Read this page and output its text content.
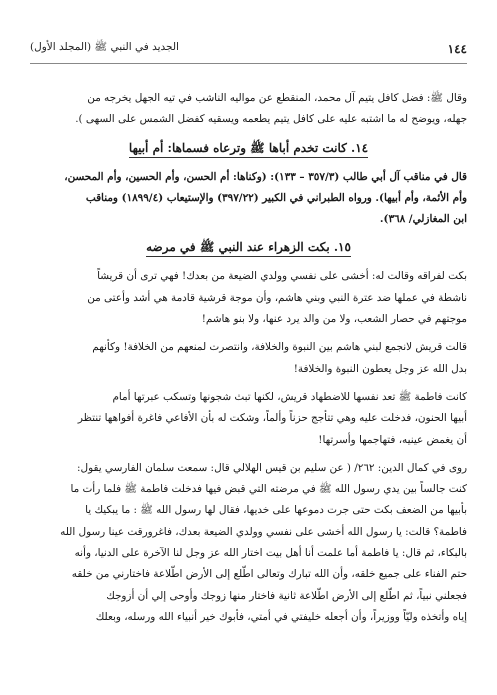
١٤٤
الجديد في النبي ﷺ (المجلد الأول)

وقال ﷺ: فضل كافل يتيم آل محمد، المنقطع عن مواليه الناشب في تيه الجهل يخرجه من

جهله، ويوضح له ما اشتبه عليه على كافل يتيم يطعمه ويسقيه كفضل الشمس على السهى ).

١٤. كانت تخدم أباها ﷺ وترعاه فسماها: أم أبيها

قال في مناقب آل أبي طالب (٣٥٧/٣ – ١٣٣): (وكناها: أم الحسن، وأم الحسين، وأم المحسن،

وأم الأئمة، وأم أبيها). ورواه الطبراني في الكبير (٣٩٧/٢٢) والإستيعاب (١٨٩٩/٤) ومناقب

ابن المغازلي/ ٣٦٨).

١٥. بكت الزهراء عند النبي ﷺ في مرضه

بكت لفراقه وقالت له: أخشى على نفسي وولدي الضيعة من بعدك! فهي ترى أن قريشاً

ناشطة في عملها ضد عترة النبي وبني هاشم، وأن موجة قرشية قادمة هي أشد وأعتى من

موجتهم في حصار الشعب، ولا من والد يرد عنها، ولا بنو هاشم!

قالت قريش لانجمع لبني هاشم بين النبوة والخلافة، وانتصرت لمنعهم من الخلافة! وكأنهم

بدل الله عز وجل يعطون النبوة والخلافة!

كانت فاطمة ﷺ تعد نفسها للاضطهاد قريش، لكنها تبث شجونها وتسكب عبرتها أمام

أبيها الحنون، فدخلت عليه وهي تتأجج حزناً وألماً، وشكت له بأن الأفاعي فاغرة أفواهها تنتظر

أن يغمض عينيه، فتهاجمها وأسرتها!

روى في كمال الدين: ٢٦٢/ ( عن سليم بن قيس الهلالي قال: سمعت سلمان الفارسي يقول:

كنت جالساً بين يدي رسول الله ﷺ في مرضته التي قبض فيها فدخلت فاطمة ﷺ فلما رأت ما

بأبيها من الضعف بكت حتى جرت دموعها على خديها، فقال لها رسول الله ﷺ : ما يبكيك يا

فاطمة؟ قالت: يا رسول الله أخشى على نفسي وولدي الضيعة بعدك، فاغرورقت عينا رسول الله

بالبكاء، ثم قال: يا فاطمة أما علمت أنا أهل بيت اختار الله عز وجل لنا الآخرة على الدنيا، وأنه

حتم الفناء على جميع خلقه، وأن الله تبارك وتعالى اطّلع إلى الأرض اطّلاعة فاختارني من خلقه

فجعلني نبياً، ثم اطّلع إلى الأرض اطّلاعة ثانية فاختار منها زوجك وأوحى إلي أن أزوجك

إياه وأتخذه وليّاً ووزيراً، وأن أجعله خليفتي في أمتي، فأبوك خير أنبياء الله ورسله، وبعلك
